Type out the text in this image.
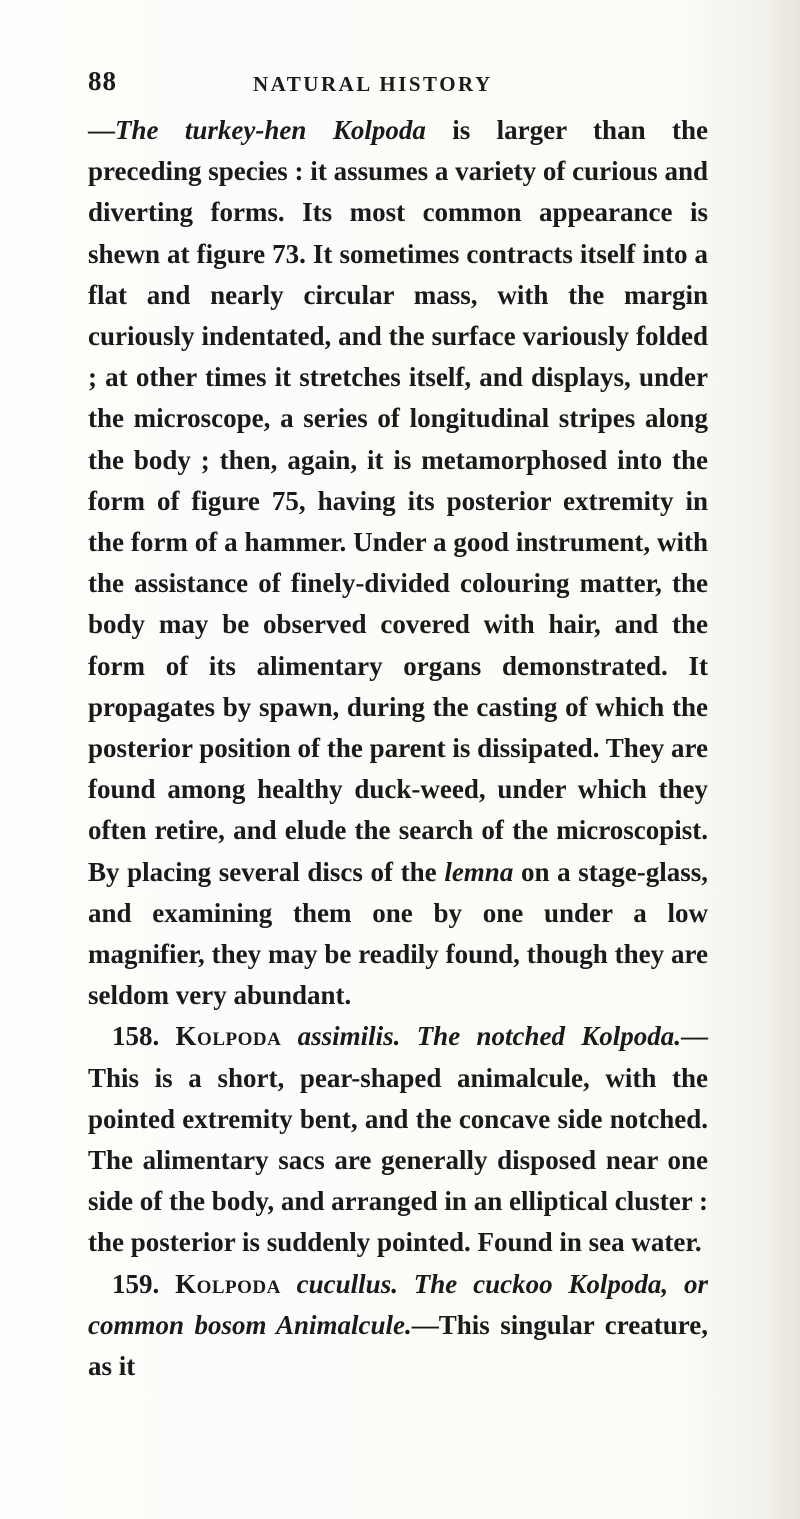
88	NATURAL HISTORY

—The turkey-hen Kolpoda is larger than the preceding species : it assumes a variety of curious and diverting forms. Its most common appearance is shewn at figure 73. It sometimes contracts itself into a flat and nearly circular mass, with the margin curiously indentated, and the surface variously folded ; at other times it stretches itself, and displays, under the microscope, a series of longitudinal stripes along the body ; then, again, it is metamorphosed into the form of figure 75, having its posterior extremity in the form of a hammer. Under a good instrument, with the assistance of finely-divided colouring matter, the body may be observed covered with hair, and the form of its alimentary organs demonstrated. It propagates by spawn, during the casting of which the posterior position of the parent is dissipated. They are found among healthy duck-weed, under which they often retire, and elude the search of the microscopist. By placing several discs of the lemna on a stage-glass, and examining them one by one under a low magnifier, they may be readily found, though they are seldom very abundant.

158. Kolpoda assimilis. The notched Kolpoda.—This is a short, pear-shaped animalcule, with the pointed extremity bent, and the concave side notched. The alimentary sacs are generally disposed near one side of the body, and arranged in an elliptical cluster : the posterior is suddenly pointed. Found in sea water.

159. Kolpoda cucullus. The cuckoo Kolpoda, or common bosom Animalcule.—This singular creature, as it
